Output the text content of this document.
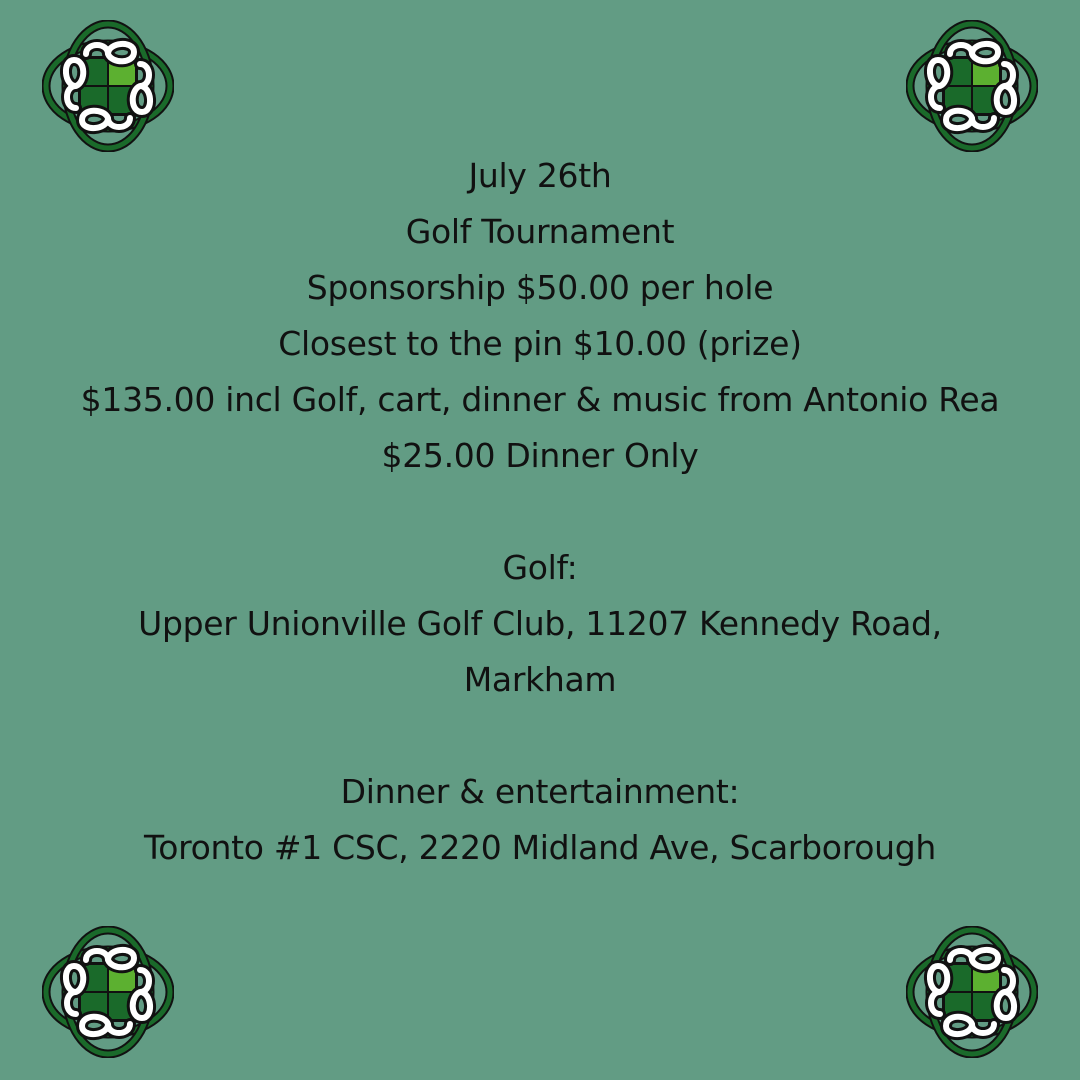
July 26th
Golf Tournament
Sponsorship $50.00 per hole
Closest to the pin $10.00 (prize)
$135.00 incl Golf, cart, dinner & music from Antonio Rea
$25.00 Dinner Only
Golf:
Upper Unionville Golf Club, 11207 Kennedy Road,
Markham
Dinner & entertainment:
Toronto #1 CSC, 2220 Midland Ave, Scarborough
